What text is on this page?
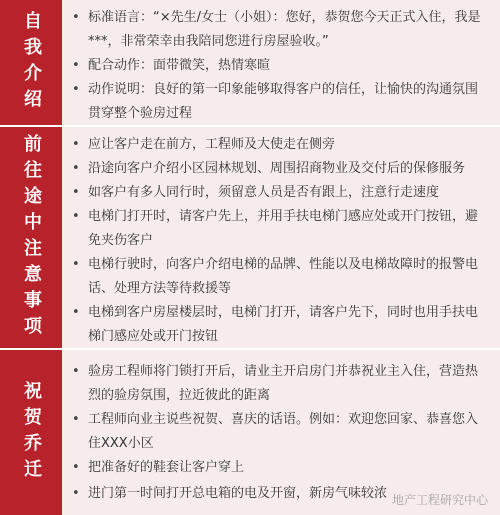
自我介绍 • 标准语言：“×先生/女士（小姐）：您好，恭贺您今天正式入住，我是***，非常荣幸由我陪同您进行房屋验收。”
• 配合动作：面带微笑，热情寒暄
• 动作说明：良好的第一印象能够取得客户的信任，让愉快的沟通氛围贯穿整个验房过程
前往途中注意事项 • 应让客户走在前方，工程师及大使走在侧旁
• 沿途向客户介绍小区园林规划、周围招商物业及交付后的保修服务
• 如客户有多人同行时，须留意人员是否有跟上，注意行走速度
• 电梯门打开时，请客户先上，并用手扶电梯门感应处或开门按钮，避免夹伤客户
• 电梯行驶时，向客户介绍电梯的品牌、性能以及电梯故障时的报警电话、处理方法等待救援等
• 电梯到客户房屋楼层时，电梯门打开，请客户先下，同时也用手扶电梯门感应处或开门按钮
祝贺乔迁
• 验房工程师将门锁打开后，请业主开启房门并恭祝业主入住，营造热烈的验房氛围，拉近彼此的距离
• 工程师向业主说些祝贺、喜庆的话语。例如：欢迎您回家、恭喜您入住XXX小区
• 把准备好的鞋套让客户穿上
• 进门第一时间打开总电箱的电及开窗，新房气味较浓 地产工程研究中心
